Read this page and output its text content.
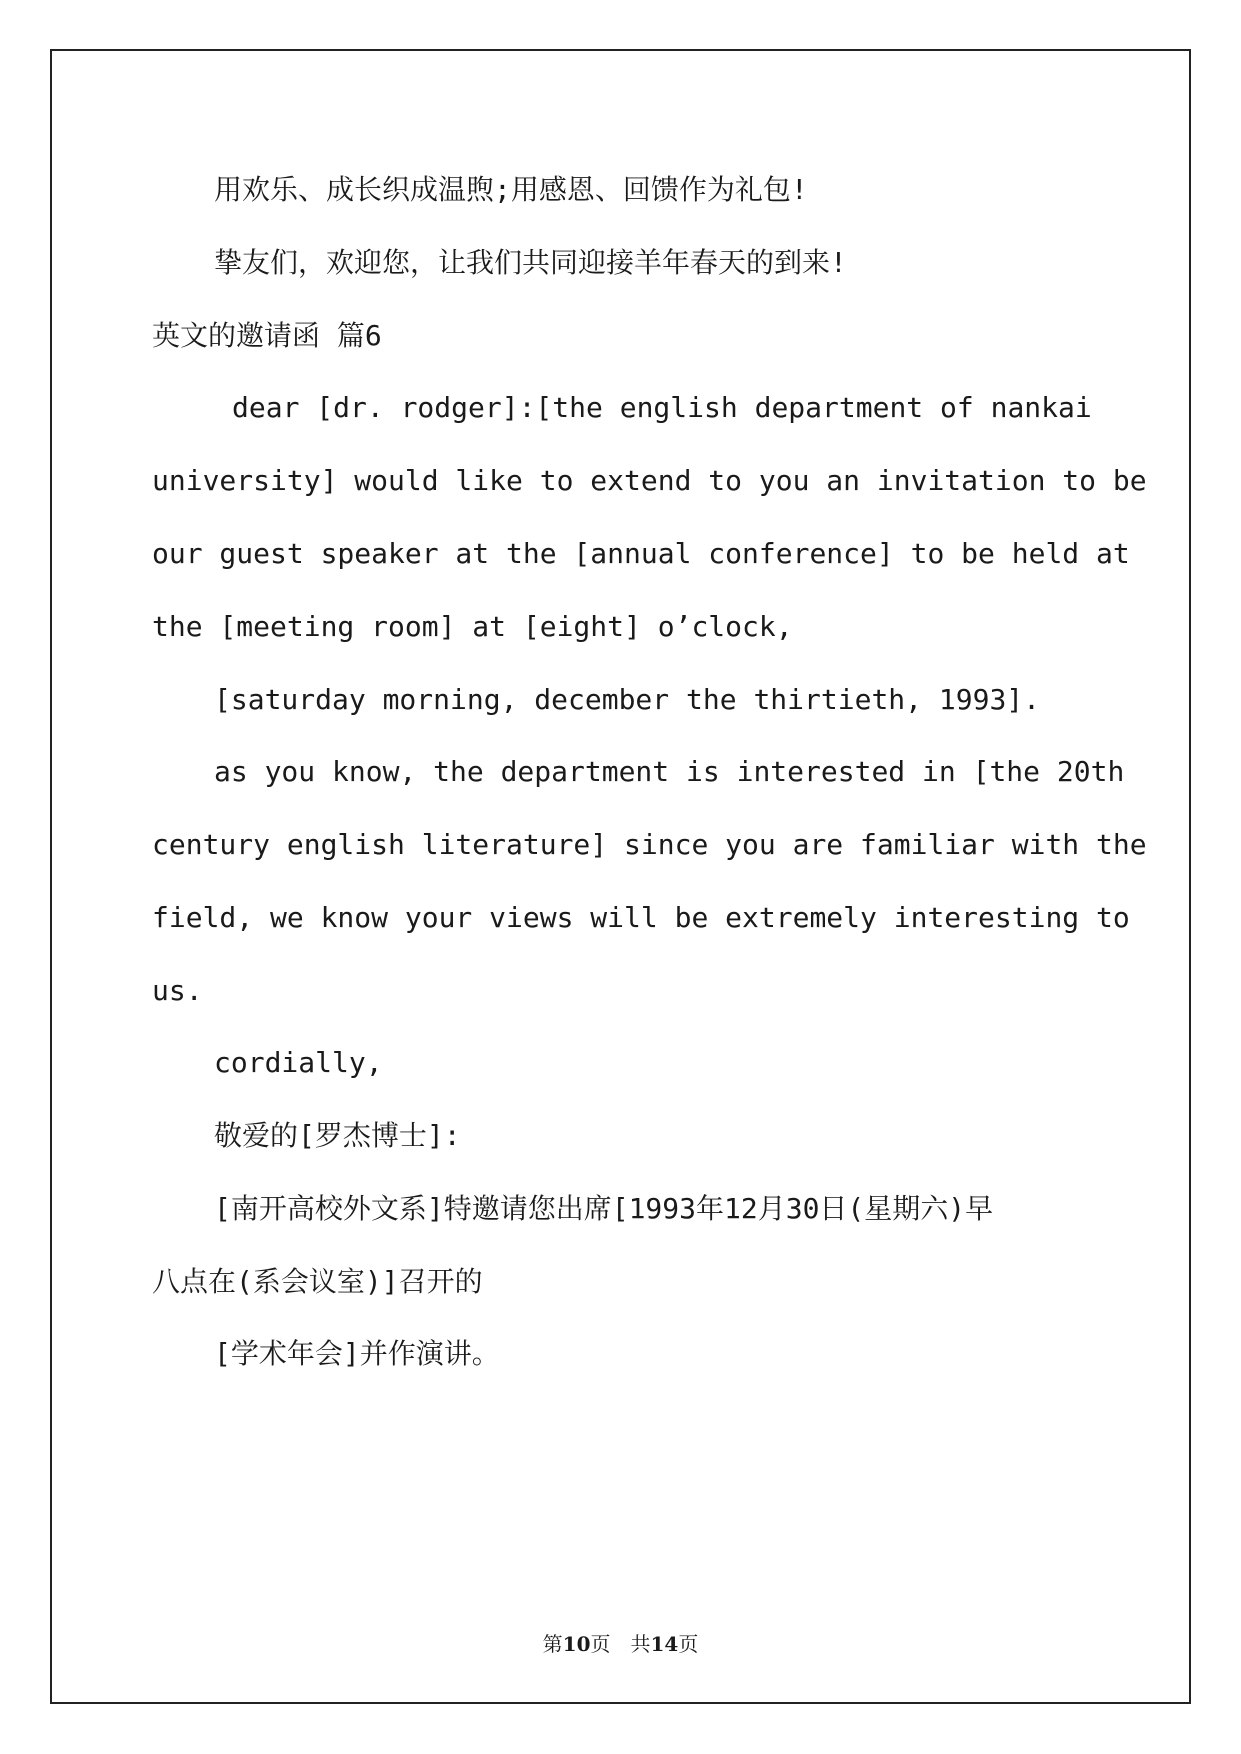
用欢乐、成长织成温煦;用感恩、回馈作为礼包!
挚友们，欢迎您，让我们共同迎接羊年春天的到来!
英文的邀请函 篇6
dear [dr. rodger]:[the english department of nankai
university] would like to extend to you an invitation to be
our guest speaker at the [annual conference] to be held at
the [meeting room] at [eight] o’clock,
[saturday morning, december the thirtieth, 1993].
as you know, the department is interested in [the 20th
century english literature] since you are familiar with the
field, we know your views will be extremely interesting to
us.
cordially,
敬爱的[罗杰博士]:
[南开高校外文系]特邀请您出席[1993年12月30日(星期六)早
八点在(系会议室)]召开的
[学术年会]并作演讲。
第10页　共14页
